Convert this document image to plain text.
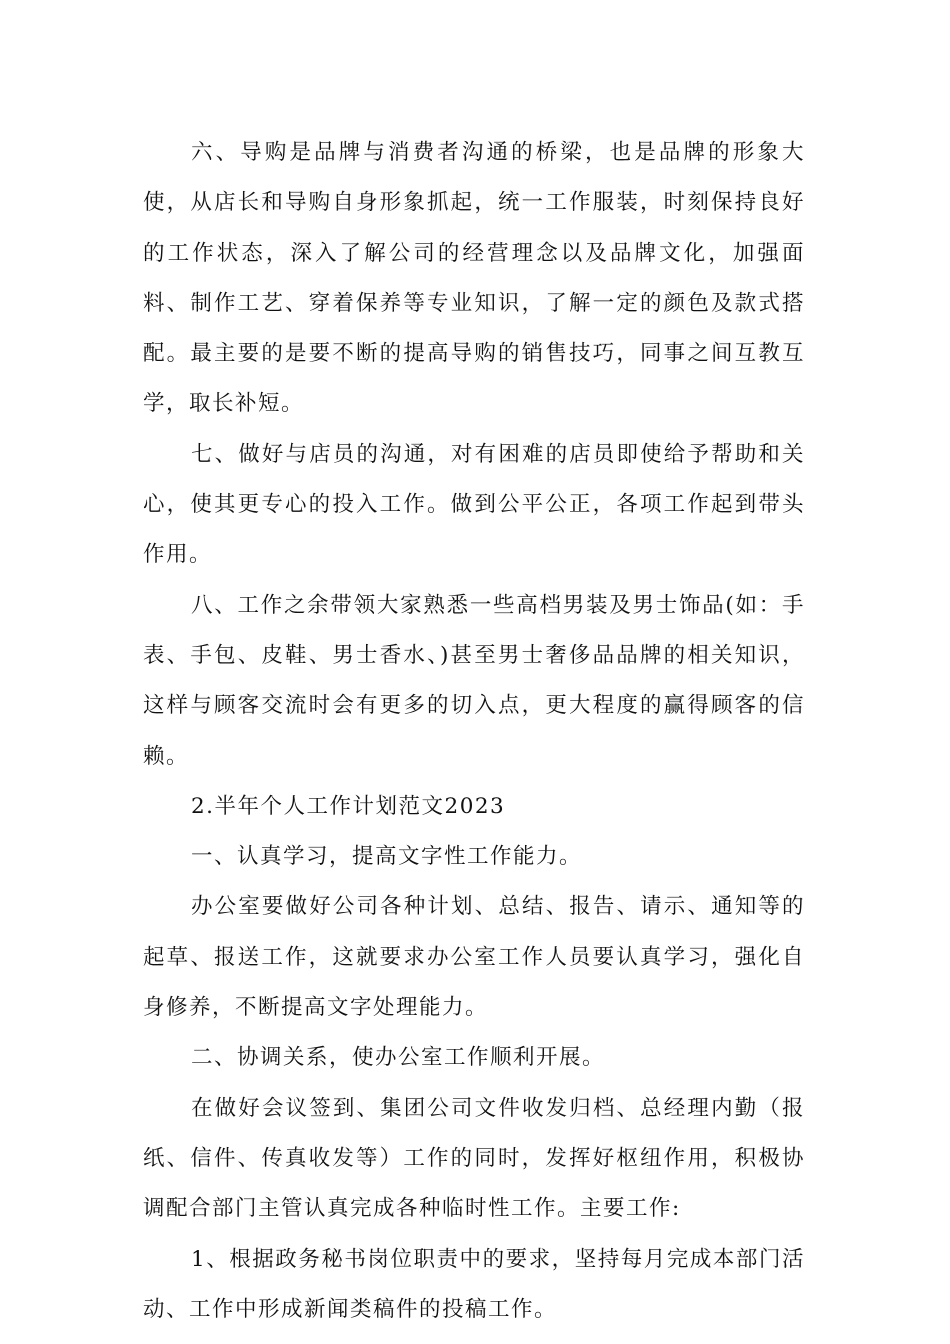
六、导购是品牌与消费者沟通的桥梁，也是品牌的形象大使，从店长和导购自身形象抓起，统一工作服装，时刻保持良好的工作状态，深入了解公司的经营理念以及品牌文化，加强面料、制作工艺、穿着保养等专业知识，了解一定的颜色及款式搭配。最主要的是要不断的提高导购的销售技巧，同事之间互教互学，取长补短。

七、做好与店员的沟通，对有困难的店员即使给予帮助和关心，使其更专心的投入工作。做到公平公正，各项工作起到带头作用。

八、工作之余带领大家熟悉一些高档男装及男士饰品(如：手表、手包、皮鞋、男士香水、)甚至男士奢侈品品牌的相关知识，这样与顾客交流时会有更多的切入点，更大程度的赢得顾客的信赖。

2.半年个人工作计划范文2023

一、认真学习，提高文字性工作能力。

办公室要做好公司各种计划、总结、报告、请示、通知等的起草、报送工作，这就要求办公室工作人员要认真学习，强化自身修养，不断提高文字处理能力。

二、协调关系，使办公室工作顺利开展。

在做好会议签到、集团公司文件收发归档、总经理内勤（报纸、信件、传真收发等）工作的同时，发挥好枢纽作用，积极协调配合部门主管认真完成各种临时性工作。主要工作:

1、根据政务秘书岗位职责中的要求，坚持每月完成本部门活动、工作中形成新闻类稿件的投稿工作。
